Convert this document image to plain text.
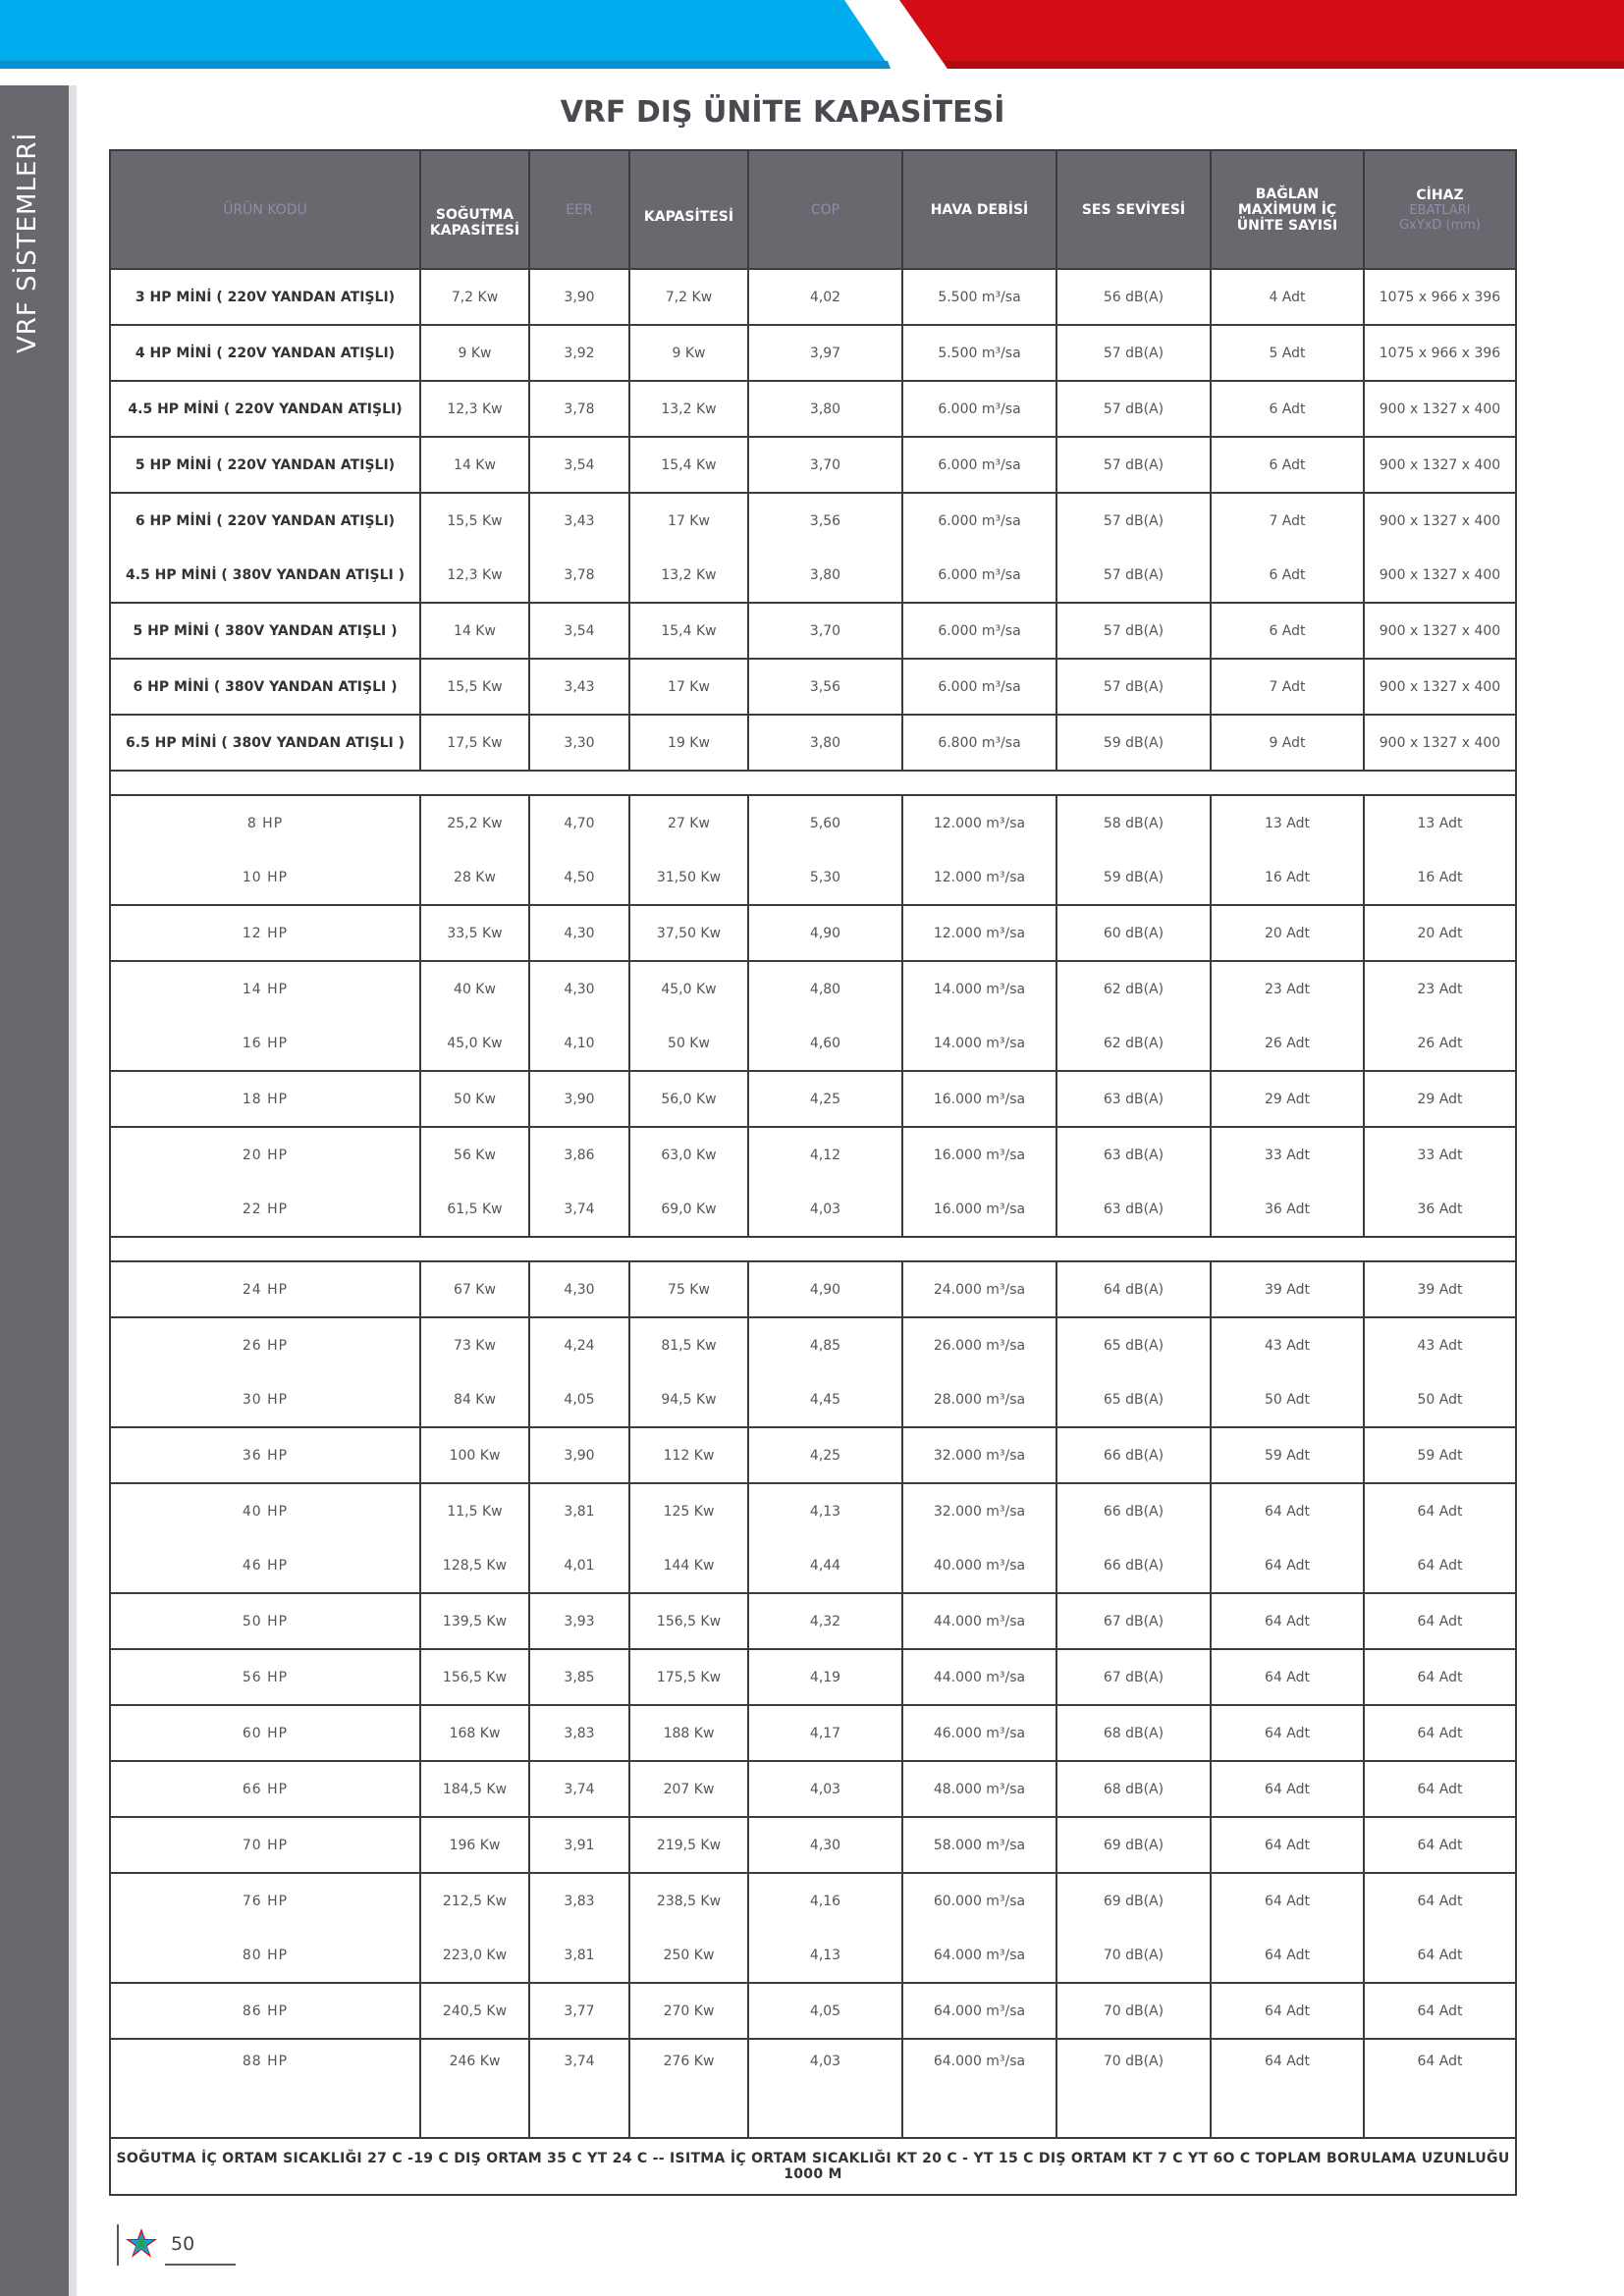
VRF SİSTEMLERİ
VRF DIŞ ÜNİTE KAPASİTESİ
ÜRÜN KODU	SOĞUTMA KAPASİTESİ	EER	KAPASİTESİ	COP	HAVA DEBİSİ	SES SEVİYESİ	BAĞLAN MAXİMUM İÇ ÜNİTE SAYISI	CİHAZ
EBATLARI
GxYxD (mm)

3 HP MİNİ ( 220V YANDAN ATIŞLI)	7,2 Kw	3,90	7,2 Kw	4,02	5.500 m³/sa	56 dB(A)	4 Adt	1075 x 966 x 396
4 HP MİNİ ( 220V YANDAN ATIŞLI)	9 Kw	3,92	9 Kw	3,97	5.500 m³/sa	57 dB(A)	5 Adt	1075 x 966 x 396
4.5 HP MİNİ ( 220V YANDAN ATIŞLI)	12,3 Kw	3,78	13,2 Kw	3,80	6.000 m³/sa	57 dB(A)	6 Adt	900 x 1327 x 400
5 HP MİNİ ( 220V YANDAN ATIŞLI)	14 Kw	3,54	15,4 Kw	3,70	6.000 m³/sa	57 dB(A)	6 Adt	900 x 1327 x 400
6 HP MİNİ ( 220V YANDAN ATIŞLI)	15,5 Kw	3,43	17 Kw	3,56	6.000 m³/sa	57 dB(A)	7 Adt	900 x 1327 x 400
4.5 HP MİNİ ( 380V YANDAN ATIŞLI )	12,3 Kw	3,78	13,2 Kw	3,80	6.000 m³/sa	57 dB(A)	6 Adt	900 x 1327 x 400
5 HP MİNİ ( 380V YANDAN ATIŞLI )	14 Kw	3,54	15,4 Kw	3,70	6.000 m³/sa	57 dB(A)	6 Adt	900 x 1327 x 400
6 HP MİNİ ( 380V YANDAN ATIŞLI )	15,5 Kw	3,43	17 Kw	3,56	6.000 m³/sa	57 dB(A)	7 Adt	900 x 1327 x 400
6.5 HP MİNİ ( 380V YANDAN ATIŞLI )	17,5 Kw	3,30	19 Kw	3,80	6.800 m³/sa	59 dB(A)	9 Adt	900 x 1327 x 400

8 HP	25,2 Kw	4,70	27 Kw	5,60	12.000 m³/sa	58 dB(A)	13 Adt	13 Adt
10 HP	28 Kw	4,50	31,50 Kw	5,30	12.000 m³/sa	59 dB(A)	16 Adt	16 Adt
12 HP	33,5 Kw	4,30	37,50 Kw	4,90	12.000 m³/sa	60 dB(A)	20 Adt	20 Adt
14 HP	40 Kw	4,30	45,0 Kw	4,80	14.000 m³/sa	62 dB(A)	23 Adt	23 Adt
16 HP	45,0 Kw	4,10	50 Kw	4,60	14.000 m³/sa	62 dB(A)	26 Adt	26 Adt
18 HP	50 Kw	3,90	56,0 Kw	4,25	16.000 m³/sa	63 dB(A)	29 Adt	29 Adt
20 HP	56 Kw	3,86	63,0 Kw	4,12	16.000 m³/sa	63 dB(A)	33 Adt	33 Adt
22 HP	61,5 Kw	3,74	69,0 Kw	4,03	16.000 m³/sa	63 dB(A)	36 Adt	36 Adt

24 HP	67 Kw	4,30	75 Kw	4,90	24.000 m³/sa	64 dB(A)	39 Adt	39 Adt
26 HP	73 Kw	4,24	81,5 Kw	4,85	26.000 m³/sa	65 dB(A)	43 Adt	43 Adt
30 HP	84 Kw	4,05	94,5 Kw	4,45	28.000 m³/sa	65 dB(A)	50 Adt	50 Adt
36 HP	100 Kw	3,90	112 Kw	4,25	32.000 m³/sa	66 dB(A)	59 Adt	59 Adt
40 HP	11,5 Kw	3,81	125 Kw	4,13	32.000 m³/sa	66 dB(A)	64 Adt	64 Adt
46 HP	128,5 Kw	4,01	144 Kw	4,44	40.000 m³/sa	66 dB(A)	64 Adt	64 Adt
50 HP	139,5 Kw	3,93	156,5 Kw	4,32	44.000 m³/sa	67 dB(A)	64 Adt	64 Adt
56 HP	156,5 Kw	3,85	175,5 Kw	4,19	44.000 m³/sa	67 dB(A)	64 Adt	64 Adt
60 HP	168 Kw	3,83	188 Kw	4,17	46.000 m³/sa	68 dB(A)	64 Adt	64 Adt
66 HP	184,5 Kw	3,74	207 Kw	4,03	48.000 m³/sa	68 dB(A)	64 Adt	64 Adt
70 HP	196 Kw	3,91	219,5 Kw	4,30	58.000 m³/sa	69 dB(A)	64 Adt	64 Adt
76 HP	212,5 Kw	3,83	238,5 Kw	4,16	60.000 m³/sa	69 dB(A)	64 Adt	64 Adt
80 HP	223,0 Kw	3,81	250 Kw	4,13	64.000 m³/sa	70 dB(A)	64 Adt	64 Adt
86 HP	240,5 Kw	3,77	270 Kw	4,05	64.000 m³/sa	70 dB(A)	64 Adt	64 Adt
88 HP	246 Kw	3,74	276 Kw	4,03	64.000 m³/sa	70 dB(A)	64 Adt	64 Adt
SOĞUTMA İÇ ORTAM SICAKLIĞI 27 C -19 C DIŞ ORTAM 35 C YT 24 C -- ISITMA İÇ ORTAM SICAKLIĞI KT 20 C - YT 15 C DIŞ ORTAM KT 7 C YT 6O C TOPLAM BORULAMA UZUNLUĞU 1000 M								
50
